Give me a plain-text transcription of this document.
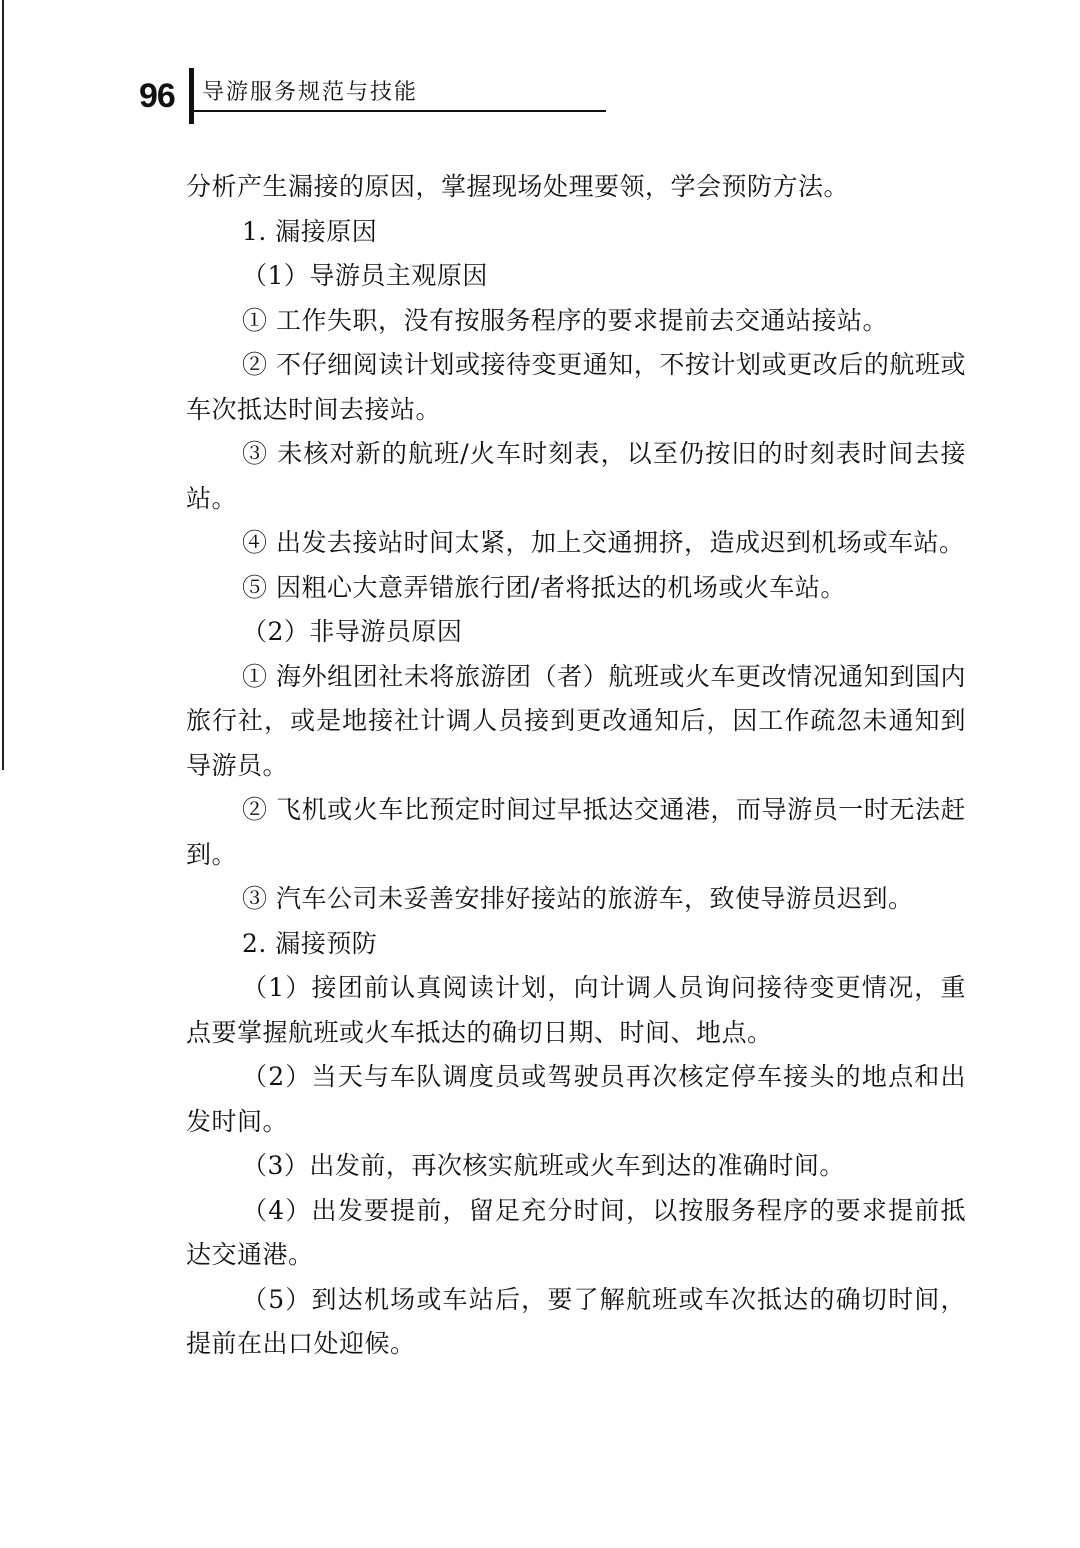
96 导游服务规范与技能

分析产生漏接的原因，掌握现场处理要领，学会预防方法。

1. 漏接原因

（1）导游员主观原因

① 工作失职，没有按服务程序的要求提前去交通站接站。

② 不仔细阅读计划或接待变更通知，不按计划或更改后的航班或车次抵达时间去接站。

③ 未核对新的航班/火车时刻表，以至仍按旧的时刻表时间去接站。

④ 出发去接站时间太紧，加上交通拥挤，造成迟到机场或车站。

⑤ 因粗心大意弄错旅行团/者将抵达的机场或火车站。

（2）非导游员原因

① 海外组团社未将旅游团（者）航班或火车更改情况通知到国内旅行社，或是地接社计调人员接到更改通知后，因工作疏忽未通知到导游员。

② 飞机或火车比预定时间过早抵达交通港，而导游员一时无法赶到。

③ 汽车公司未妥善安排好接站的旅游车，致使导游员迟到。

2. 漏接预防

（1）接团前认真阅读计划，向计调人员询问接待变更情况，重点要掌握航班或火车抵达的确切日期、时间、地点。

（2）当天与车队调度员或驾驶员再次核定停车接头的地点和出发时间。

（3）出发前，再次核实航班或火车到达的准确时间。

（4）出发要提前，留足充分时间，以按服务程序的要求提前抵达交通港。

（5）到达机场或车站后，要了解航班或车次抵达的确切时间，提前在出口处迎候。
